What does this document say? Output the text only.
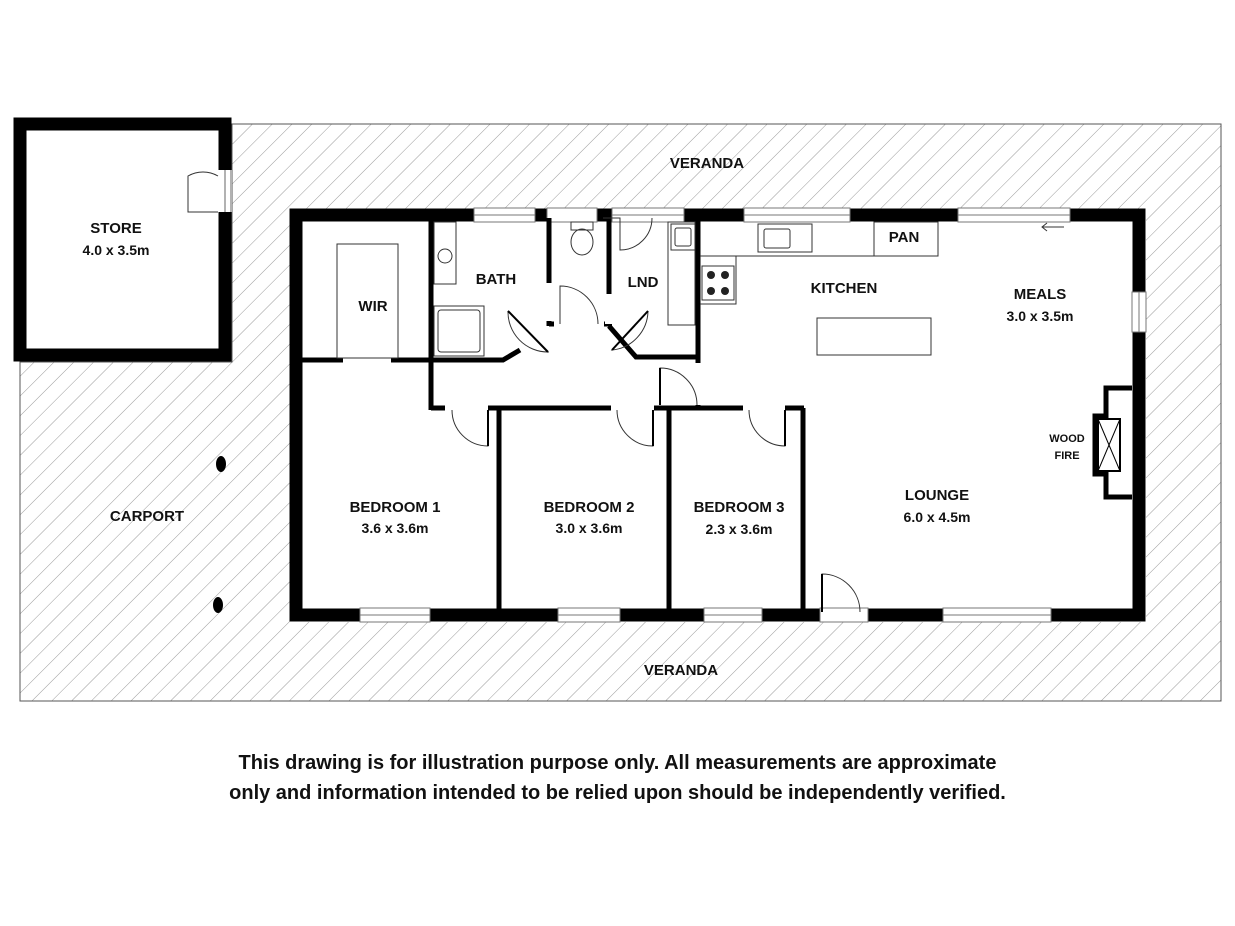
VERANDA
VERANDA
STORE
4.0 x 3.5m
CARPORT
WIR
BATH	LND
PAN
KITCHEN	MEALS
3.0 x 3.5m
WOOD
FIRE
BEDROOM 1
3.6 x 3.6m
BEDROOM 2
3.0 x 3.6m
BEDROOM 3
2.3 x 3.6m
LOUNGE
6.0 x 4.5m
This drawing is for illustration purpose only. All measurements are approximate
only and information intended to be relied upon should be independently verified.
